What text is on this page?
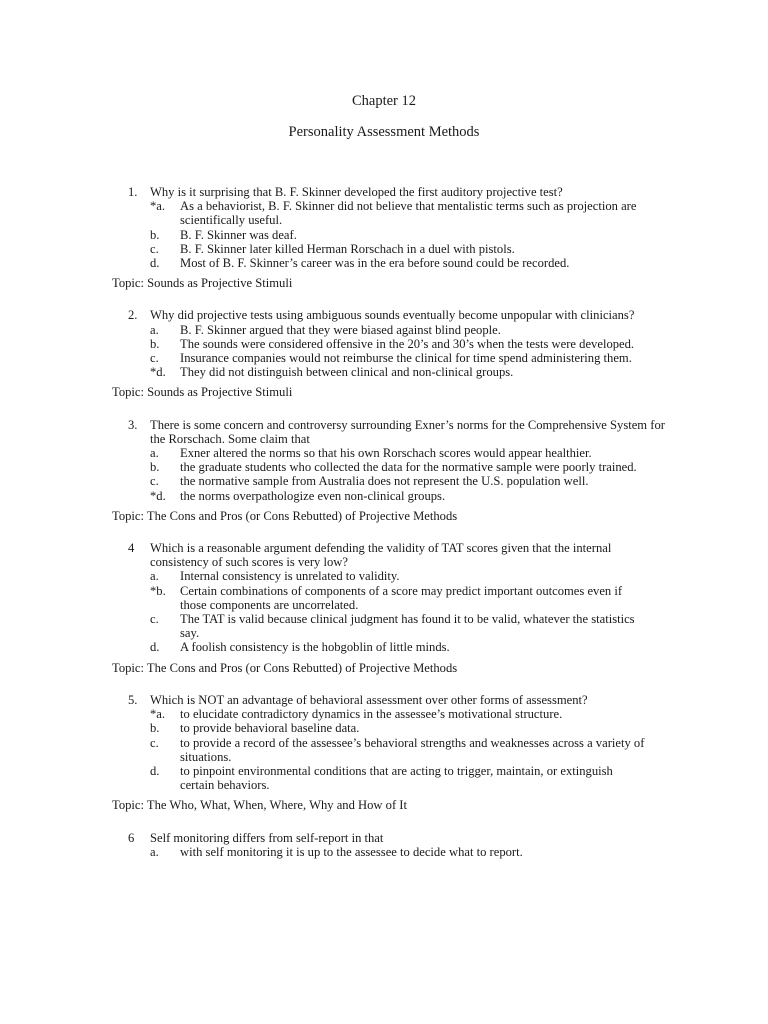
Chapter 12
Personality Assessment Methods
1. Why is it surprising that B. F. Skinner developed the first auditory projective test?
*a. As a behaviorist, B. F. Skinner did not believe that mentalistic terms such as projection are scientifically useful.
b. B. F. Skinner was deaf.
c. B. F. Skinner later killed Herman Rorschach in a duel with pistols.
d. Most of B. F. Skinner’s career was in the era before sound could be recorded.
Topic: Sounds as Projective Stimuli
2. Why did projective tests using ambiguous sounds eventually become unpopular with clinicians?
a. B. F. Skinner argued that they were biased against blind people.
b. The sounds were considered offensive in the 20’s and 30’s when the tests were developed.
c. Insurance companies would not reimburse the clinical for time spend administering them.
*d. They did not distinguish between clinical and non-clinical groups.
Topic: Sounds as Projective Stimuli
3. There is some concern and controversy surrounding Exner’s norms for the Comprehensive System for the Rorschach. Some claim that
a. Exner altered the norms so that his own Rorschach scores would appear healthier.
b. the graduate students who collected the data for the normative sample were poorly trained.
c. the normative sample from Australia does not represent the U.S. population well.
*d. the norms overpathologize even non-clinical groups.
Topic: The Cons and Pros (or Cons Rebutted) of Projective Methods
4 Which is a reasonable argument defending the validity of TAT scores given that the internal consistency of such scores is very low?
a. Internal consistency is unrelated to validity.
*b. Certain combinations of components of a score may predict important outcomes even if those components are uncorrelated.
c. The TAT is valid because clinical judgment has found it to be valid, whatever the statistics say.
d. A foolish consistency is the hobgoblin of little minds.
Topic: The Cons and Pros (or Cons Rebutted) of Projective Methods
5. Which is NOT an advantage of behavioral assessment over other forms of assessment?
*a. to elucidate contradictory dynamics in the assessee’s motivational structure.
b. to provide behavioral baseline data.
c. to provide a record of the assessee’s behavioral strengths and weaknesses across a variety of situations.
d. to pinpoint environmental conditions that are acting to trigger, maintain, or extinguish certain behaviors.
Topic: The Who, What, When, Where, Why and How of It
6 Self monitoring differs from self-report in that
a. with self monitoring it is up to the assessee to decide what to report.
